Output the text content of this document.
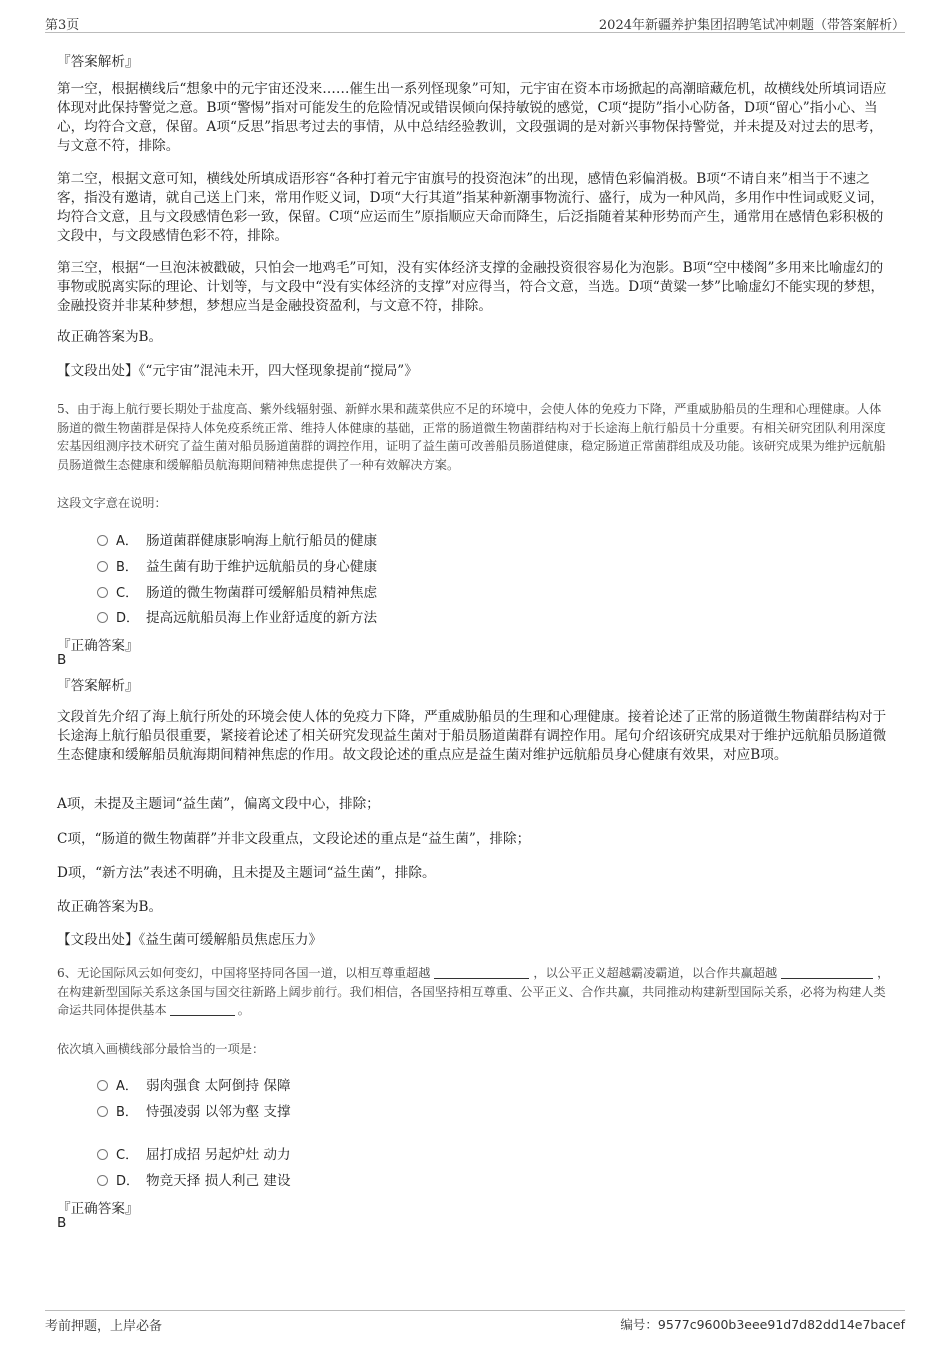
第3页	2024年新疆养护集团招聘笔试冲刺题（带答案解析）
『答案解析』

第一空，根据横线后“想象中的元宇宙还没来……催生出一系列怪现象”可知，元宇宙在资本市场掀起的高潮暗藏危机，故横线处所填词语应体现对此保持警觉之意。B项“警惕”指对可能发生的危险情况或错误倾向保持敏锐的感觉，C项“提防”指小心防备，D项“留心”指小心、当心，均符合文意，保留。A项“反思”指思考过去的事情，从中总结经验教训，文段强调的是对新兴事物保持警觉，并未提及对过去的思考，与文意不符，排除。

第二空，根据文意可知，横线处所填成语形容“各种打着元宇宙旗号的投资泡沫”的出现，感情色彩偏消极。B项“不请自来”相当于不速之客，指没有邀请，就自己送上门来，常用作贬义词，D项“大行其道”指某种新潮事物流行、盛行，成为一种风尚，多用作中性词或贬义词，均符合文意，且与文段感情色彩一致，保留。C项“应运而生”原指顺应天命而降生，后泛指随着某种形势而产生，通常用在感情色彩积极的文段中，与文段感情色彩不符，排除。

第三空，根据“一旦泡沫被戳破，只怕会一地鸡毛”可知，没有实体经济支撑的金融投资很容易化为泡影。B项“空中楼阁”多用来比喻虚幻的事物或脱离实际的理论、计划等，与文段中“没有实体经济的支撑”对应得当，符合文意，当选。D项“黄粱一梦”比喻虚幻不能实现的梦想，金融投资并非某种梦想，梦想应当是金融投资盈利，与文意不符，排除。

故正确答案为B。
【文段出处】《“元宇宙”混沌未开，四大怪现象提前“搅局”》

5、由于海上航行要长期处于盐度高、紫外线辐射强、新鲜水果和蔬菜供应不足的环境中，会使人体的免疫力下降，严重威胁船员的生理和心理健康。人体肠道的微生物菌群是保持人体免疫系统正常、维持人体健康的基础，正常的肠道微生物菌群结构对于长途海上航行船员十分重要。有相关研究团队利用深度宏基因组测序技术研究了益生菌对船员肠道菌群的调控作用，证明了益生菌可改善船员肠道健康，稳定肠道正常菌群组成及功能。该研究成果为维护远航船员肠道微生态健康和缓解船员航海期间精神焦虑提供了一种有效解决方案。

这段文字意在说明：
A． 肠道菌群健康影响海上航行船员的健康
B． 益生菌有助于维护远航船员的身心健康
C． 肠道的微生物菌群可缓解船员精神焦虑
D． 提高远航船员海上作业舒适度的新方法
『正确答案』
B
『答案解析』

文段首先介绍了海上航行所处的环境会使人体的免疫力下降，严重威胁船员的生理和心理健康。接着论述了正常的肠道微生物菌群结构对于长途海上航行船员很重要，紧接着论述了相关研究发现益生菌对于船员肠道菌群有调控作用。尾句介绍该研究成果对于维护远航船员肠道微生态健康和缓解船员航海期间精神焦虑的作用。故文段论述的重点应是益生菌对维护远航船员身心健康有效果，对应B项。

A项，未提及主题词“益生菌”，偏离文段中心，排除；
C项，“肠道的微生物菌群”并非文段重点，文段论述的重点是“益生菌”，排除；
D项，“新方法”表述不明确，且未提及主题词“益生菌”，排除。
故正确答案为B。
【文段出处】《益生菌可缓解船员焦虑压力》

6、无论国际风云如何变幻，中国将坚持同各国一道，以相互尊重超越	，以公平正义超越霸凌霸道，以合作共赢超越	，在构建新型国际关系这条国与国交往新路上阔步前行。我们相信，各国坚持相互尊重、公平正义、合作共赢，共同推动构建新型国际关系，必将为构建人类命运共同体提供基本	。

依次填入画横线部分最恰当的一项是：
A． 弱肉强食 太阿倒持 保障
B． 恃强凌弱 以邻为壑 支撑
C． 屈打成招 另起炉灶 动力
D． 物竞天择 损人利己 建设
『正确答案』
B
考前押题，上岸必备	编号：9577c9600b3eee91d7d82dd14e7bacef
